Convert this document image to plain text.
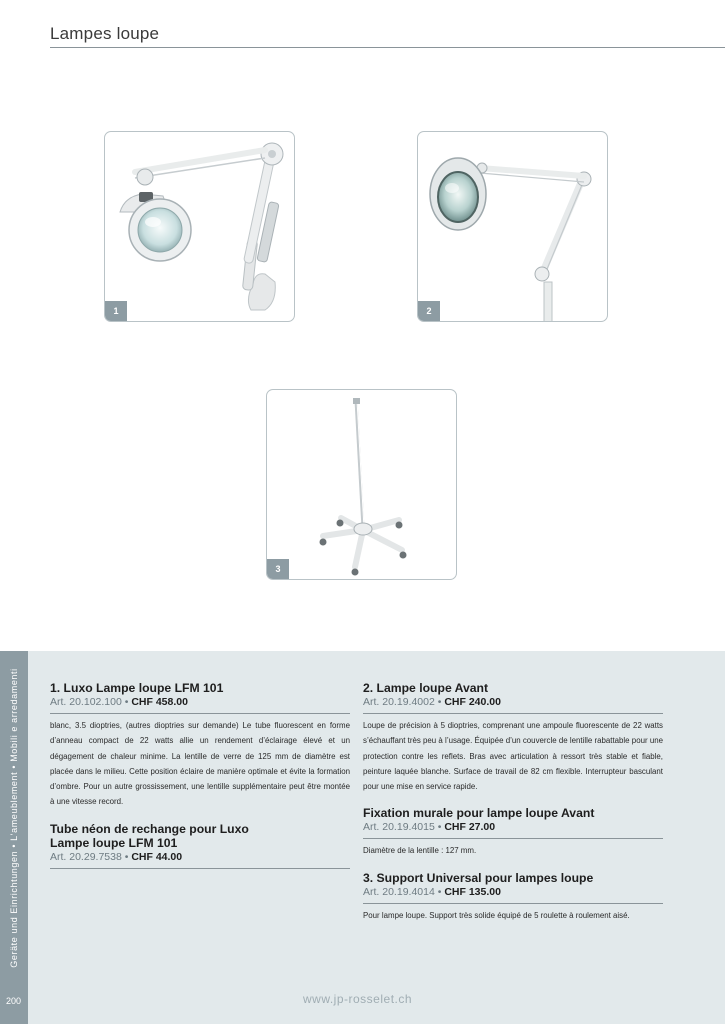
Lampes loupe
1	2
3
Geräte und Einrichtungen • L'ameublement • Mobili e arredamenti
200
1. Luxo Lampe loupe LFM 101
Art. 20.102.100 • CHF 458.00
blanc, 3.5 dioptries, (autres dioptries sur demande) Le tube fluorescent en forme d’anneau compact de 22 watts allie un rendement d’éclairage élevé et un dégagement de chaleur minime. La lentille de verre de 125 mm de diamètre est placée dans le milieu. Cette position éclaire de manière optimale et évite la formation d’ombre. Pour un autre grossissement, une lentille supplémentaire peut être montée à une vitesse record.
Tube néon de rechange pour Luxo Lampe loupe LFM 101
Art. 20.29.7538 • CHF 44.00
2. Lampe loupe Avant
Art. 20.19.4002 • CHF 240.00
Loupe de précision à 5 dioptries, comprenant une ampoule fluorescente de 22 watts s’échauffant très peu à l’usage. Équipée d’un couvercle de lentille rabattable pour une protection contre les reflets. Bras avec articulation à ressort très stable et fiable, peinture laquée blanche. Surface de travail de 82 cm flexible. Interrupteur basculant pour une mise en service rapide.
Fixation murale pour lampe loupe Avant
Art. 20.19.4015 • CHF 27.00
Diamètre de la lentille : 127 mm.
3. Support Universal pour lampes loupe
Art. 20.19.4014 • CHF 135.00
Pour lampe loupe. Support très solide équipé de 5 roulette à roulement aisé.
www.jp-rosselet.ch
